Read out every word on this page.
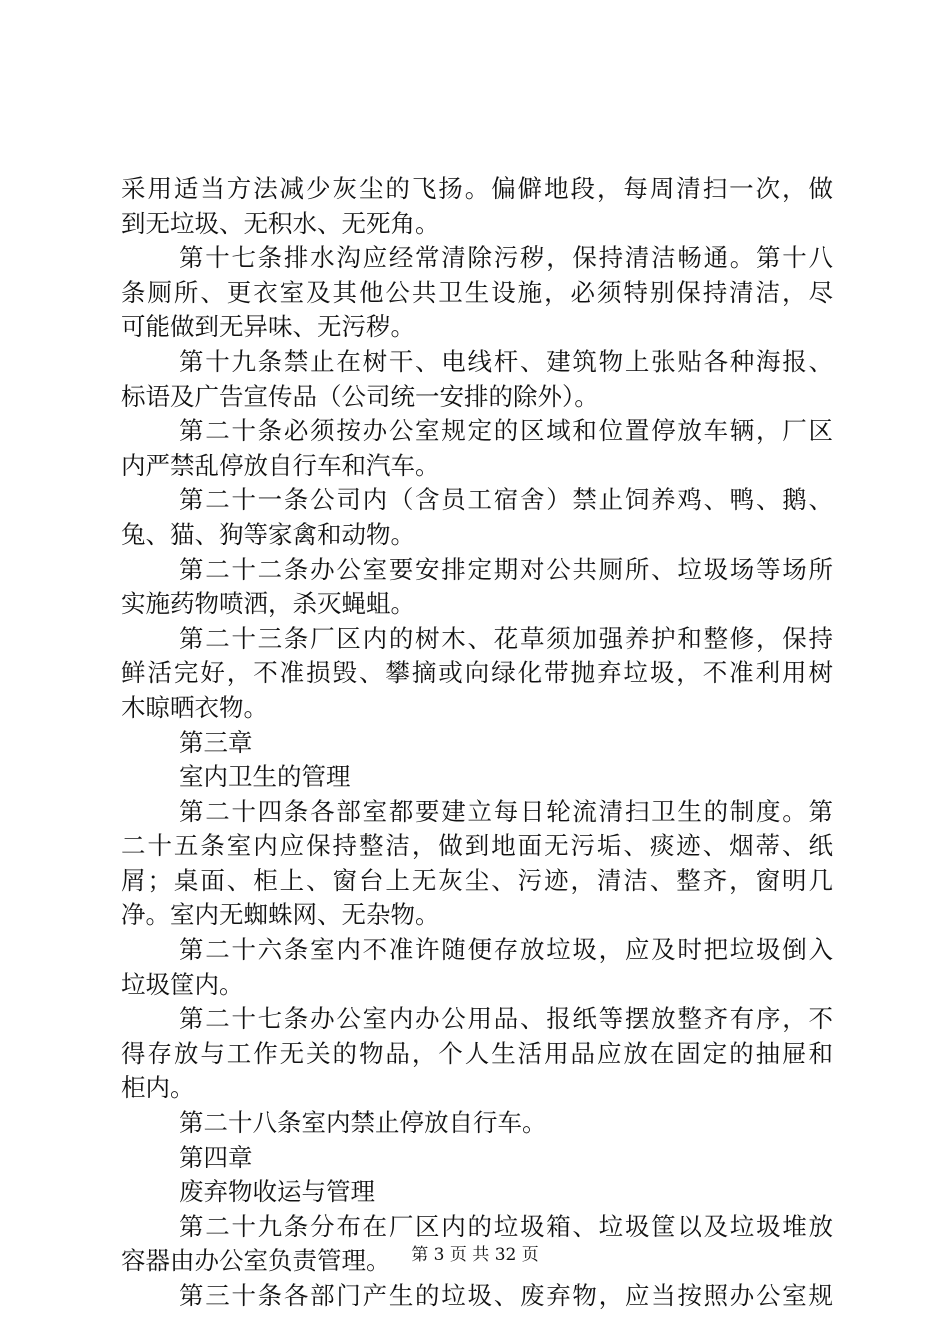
采用适当方法减少灰尘的飞扬。偏僻地段，每周清扫一次，做
到无垃圾、无积水、无死角。
第十七条排水沟应经常清除污秽，保持清洁畅通。第十八
条厕所、更衣室及其他公共卫生设施，必须特别保持清洁，尽
可能做到无异味、无污秽。
第十九条禁止在树干、电线杆、建筑物上张贴各种海报、
标语及广告宣传品（公司统一安排的除外）。
第二十条必须按办公室规定的区域和位置停放车辆，厂区
内严禁乱停放自行车和汽车。
第二十一条公司内（含员工宿舍）禁止饲养鸡、鸭、鹅、
兔、猫、狗等家禽和动物。
第二十二条办公室要安排定期对公共厕所、垃圾场等场所
实施药物喷洒，杀灭蝇蛆。
第二十三条厂区内的树木、花草须加强养护和整修，保持
鲜活完好，不准损毁、攀摘或向绿化带抛弃垃圾，不准利用树
木晾晒衣物。
第三章
室内卫生的管理
第二十四条各部室都要建立每日轮流清扫卫生的制度。第
二十五条室内应保持整洁，做到地面无污垢、痰迹、烟蒂、纸
屑；桌面、柜上、窗台上无灰尘、污迹，清洁、整齐，窗明几
净。室内无蜘蛛网、无杂物。
第二十六条室内不准许随便存放垃圾，应及时把垃圾倒入
垃圾筐内。
第二十七条办公室内办公用品、报纸等摆放整齐有序，不
得存放与工作无关的物品，个人生活用品应放在固定的抽屉和
柜内。
第二十八条室内禁止停放自行车。
第四章
废弃物收运与管理
第二十九条分布在厂区内的垃圾箱、垃圾筐以及垃圾堆放
容器由办公室负责管理。
第三十条各部门产生的垃圾、废弃物，应当按照办公室规
第 3 页 共 32 页
